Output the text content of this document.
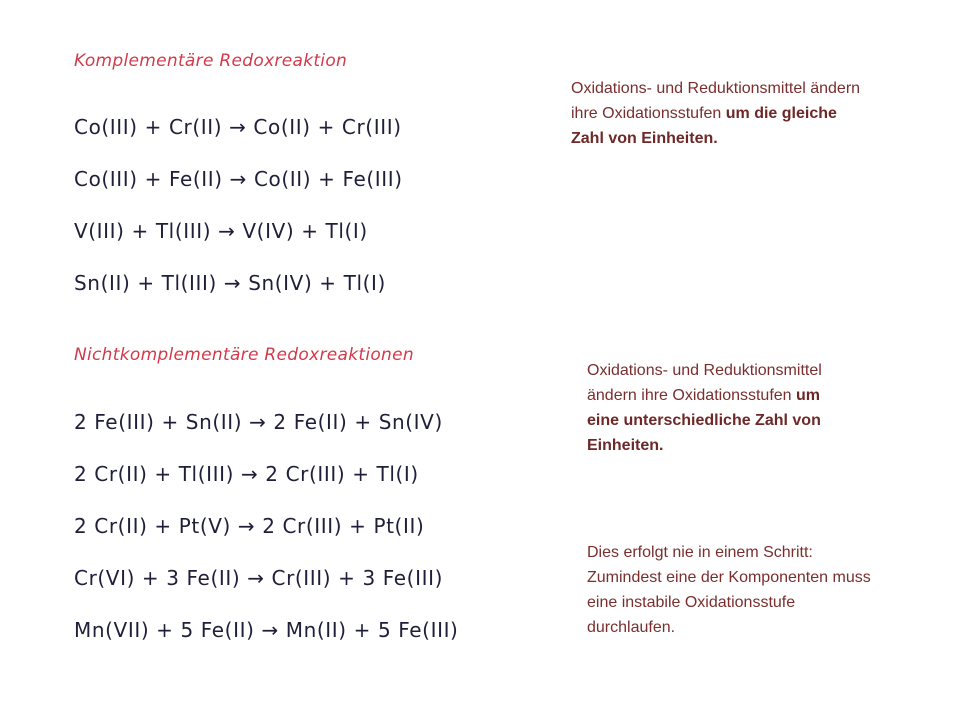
Komplementäre Redoxreaktion
Co(III) + Cr(II) → Co(II) + Cr(III)
Co(III) + Fe(II) → Co(II) + Fe(III)
V(III) + Tl(III) → V(IV) + Tl(I)
Sn(II) + Tl(III) → Sn(IV) + Tl(I)
Oxidations- und Reduktionsmittel ändern ihre Oxidationsstufen um die gleiche Zahl von Einheiten.
Nichtkomplementäre Redoxreaktionen
2 Fe(III) + Sn(II) → 2 Fe(II) + Sn(IV)
2 Cr(II) + Tl(III) → 2 Cr(III) + Tl(I)
2 Cr(II) + Pt(V) → 2 Cr(III) + Pt(II)
Cr(VI) + 3 Fe(II) → Cr(III) + 3 Fe(III)
Mn(VII) + 5 Fe(II) → Mn(II) + 5 Fe(III)
Oxidations- und Reduktionsmittel ändern ihre Oxidationsstufen um eine unterschiedliche Zahl von Einheiten.
Dies erfolgt nie in einem Schritt: Zumindest eine der Komponenten muss eine instabile Oxidationsstufe durchlaufen.
